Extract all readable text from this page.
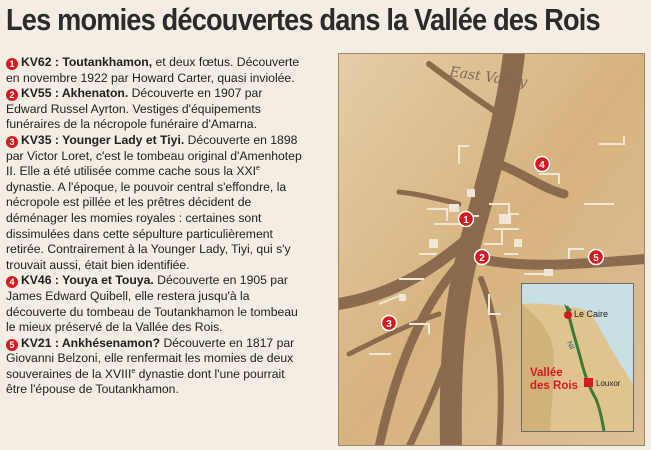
Les momies découvertes dans la Vallée des Rois

1 KV62 : Toutankhamon, et deux fœtus. Découverte en novembre 1922 par Howard Carter, quasi inviolée.

2 KV55 : Akhenaton. Découverte en 1907 par Edward Russel Ayrton. Vestiges d'équipements funéraires de la nécropole funéraire d'Amarna.

3 KV35 : Younger Lady et Tiyi. Découverte en 1898 par Victor Loret, c'est le tombeau original d'Amenhotep II. Elle a été utilisée comme cache sous la XXIe dynastie. A l'époque, le pouvoir central s'effondre, la nécropole est pillée et les prêtres décident de déménager les momies royales : certaines sont dissimulées dans cette sépulture particulièrement retirée. Contrairement à la Younger Lady, Tiyi, qui s'y trouvait aussi, était bien identifiée.

4 KV46 : Youya et Touya. Découverte en 1905 par James Edward Quibell, elle restera jusqu'à la découverte du tombeau de Toutankhamon le tombeau le mieux préservé de la Vallée des Rois.

5 KV21 : Ankhésenamon? Découverte en 1817 par Giovanni Belzoni, elle renfermait les momies de deux souveraines de la XVIIIe dynastie dont l'une pourrait être l'épouse de Toutankhamon.

East Valley
1
2
3
4
5
Le Caire
Nil
Vallée
des Rois Louxor
